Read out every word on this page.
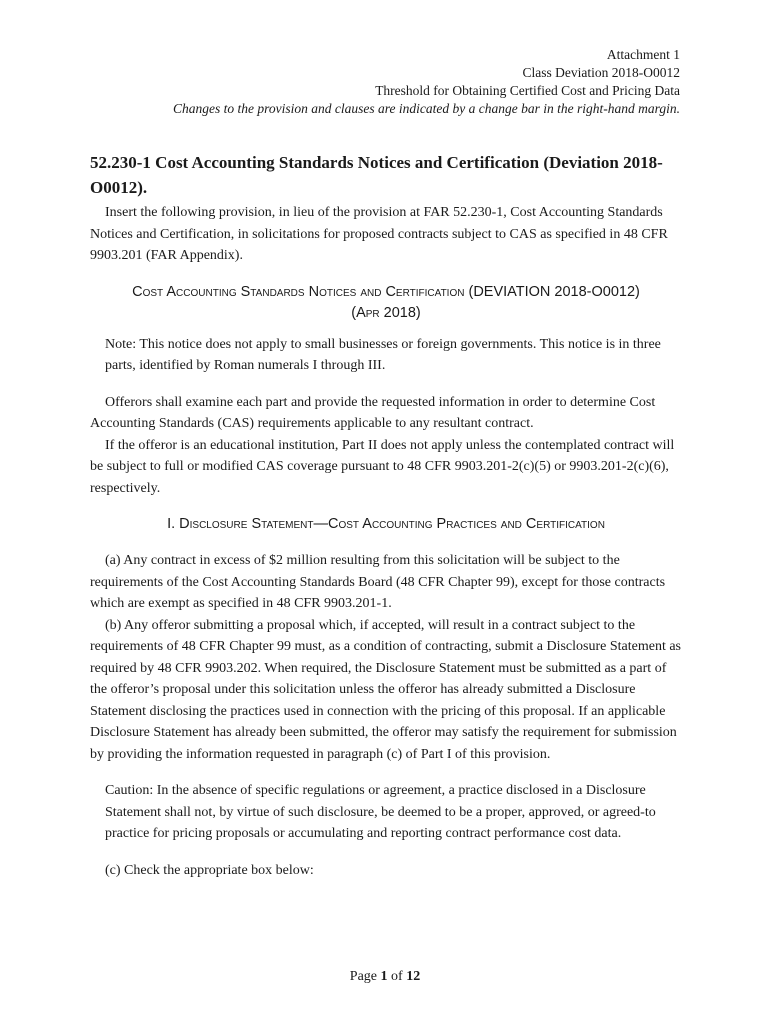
Attachment 1
Class Deviation 2018-O0012
Threshold for Obtaining Certified Cost and Pricing Data
Changes to the provision and clauses are indicated by a change bar in the right-hand margin.
52.230-1 Cost Accounting Standards Notices and Certification (Deviation 2018-O0012).

Insert the following provision, in lieu of the provision at FAR 52.230-1, Cost Accounting Standards Notices and Certification, in solicitations for proposed contracts subject to CAS as specified in 48 CFR 9903.201 (FAR Appendix).

Cost Accounting Standards Notices and Certification (DEVIATION 2018-O0012)
(Apr 2018)

Note: This notice does not apply to small businesses or foreign governments. This notice is in three parts, identified by Roman numerals I through III.

Offerors shall examine each part and provide the requested information in order to determine Cost Accounting Standards (CAS) requirements applicable to any resultant contract.

If the offeror is an educational institution, Part II does not apply unless the contemplated contract will be subject to full or modified CAS coverage pursuant to 48 CFR 9903.201-2(c)(5) or 9903.201-2(c)(6), respectively.

I. Disclosure Statement—Cost Accounting Practices and Certification

(a) Any contract in excess of $2 million resulting from this solicitation will be subject to the requirements of the Cost Accounting Standards Board (48 CFR Chapter 99), except for those contracts which are exempt as specified in 48 CFR 9903.201-1.

(b) Any offeror submitting a proposal which, if accepted, will result in a contract subject to the requirements of 48 CFR Chapter 99 must, as a condition of contracting, submit a Disclosure Statement as required by 48 CFR 9903.202. When required, the Disclosure Statement must be submitted as a part of the offeror’s proposal under this solicitation unless the offeror has already submitted a Disclosure Statement disclosing the practices used in connection with the pricing of this proposal. If an applicable Disclosure Statement has already been submitted, the offeror may satisfy the requirement for submission by providing the information requested in paragraph (c) of Part I of this provision.

Caution: In the absence of specific regulations or agreement, a practice disclosed in a Disclosure Statement shall not, by virtue of such disclosure, be deemed to be a proper, approved, or agreed-to practice for pricing proposals or accumulating and reporting contract performance cost data.

(c) Check the appropriate box below:

Page 1 of 12
